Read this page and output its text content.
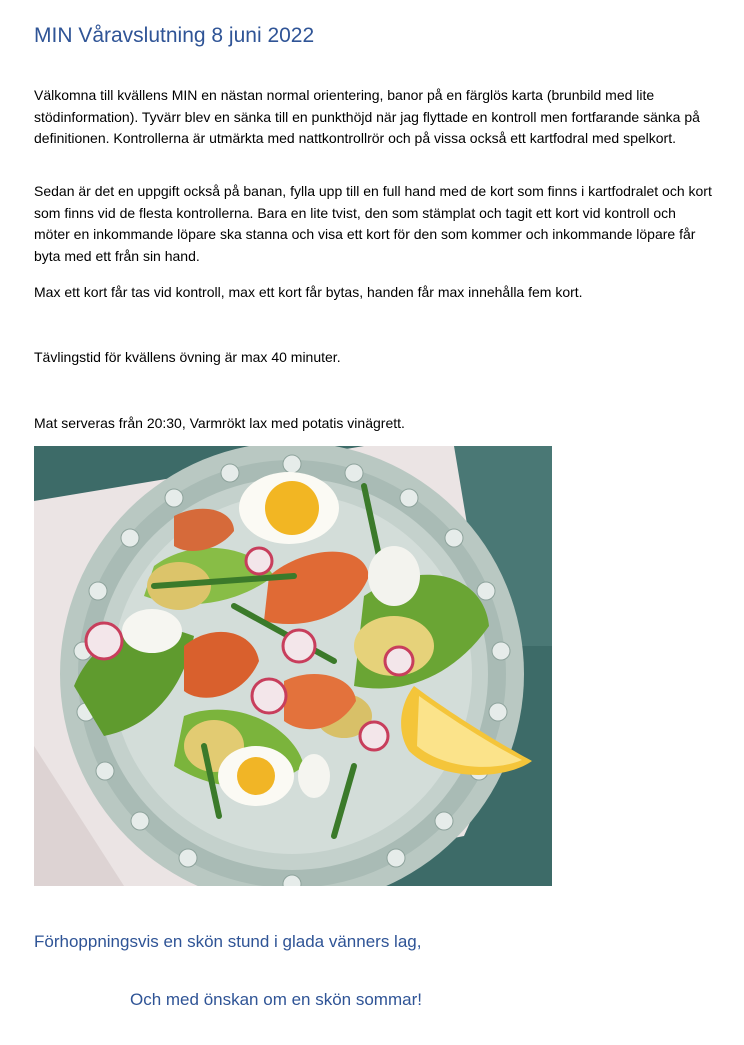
MIN Våravslutning 8 juni 2022

Välkomna till kvällens MIN en nästan normal orientering, banor på en färglös karta (brunbild med lite stödinformation). Tyvärr blev en sänka till en punkthöjd när jag flyttade en kontroll men fortfarande sänka på definitionen. Kontrollerna är utmärkta med nattkontrollrör och på vissa också ett kartfodral med spelkort.

Sedan är det en uppgift också på banan, fylla upp till en full hand med de kort som finns i kartfodralet och kort som finns vid de flesta kontrollerna. Bara en lite tvist, den som stämplat och tagit ett kort vid kontroll och möter en inkommande löpare ska stanna och visa ett kort för den som kommer och inkommande löpare får byta med ett från sin hand.

Max ett kort får tas vid kontroll, max ett kort får bytas, handen får max innehålla fem kort.

Tävlingstid för kvällens övning är max 40 minuter.

Mat serveras från 20:30, Varmrökt lax med potatis vinägrett.

Förhoppningsvis en skön stund i glada vänners lag,

Och med önskan om en skön sommar!
